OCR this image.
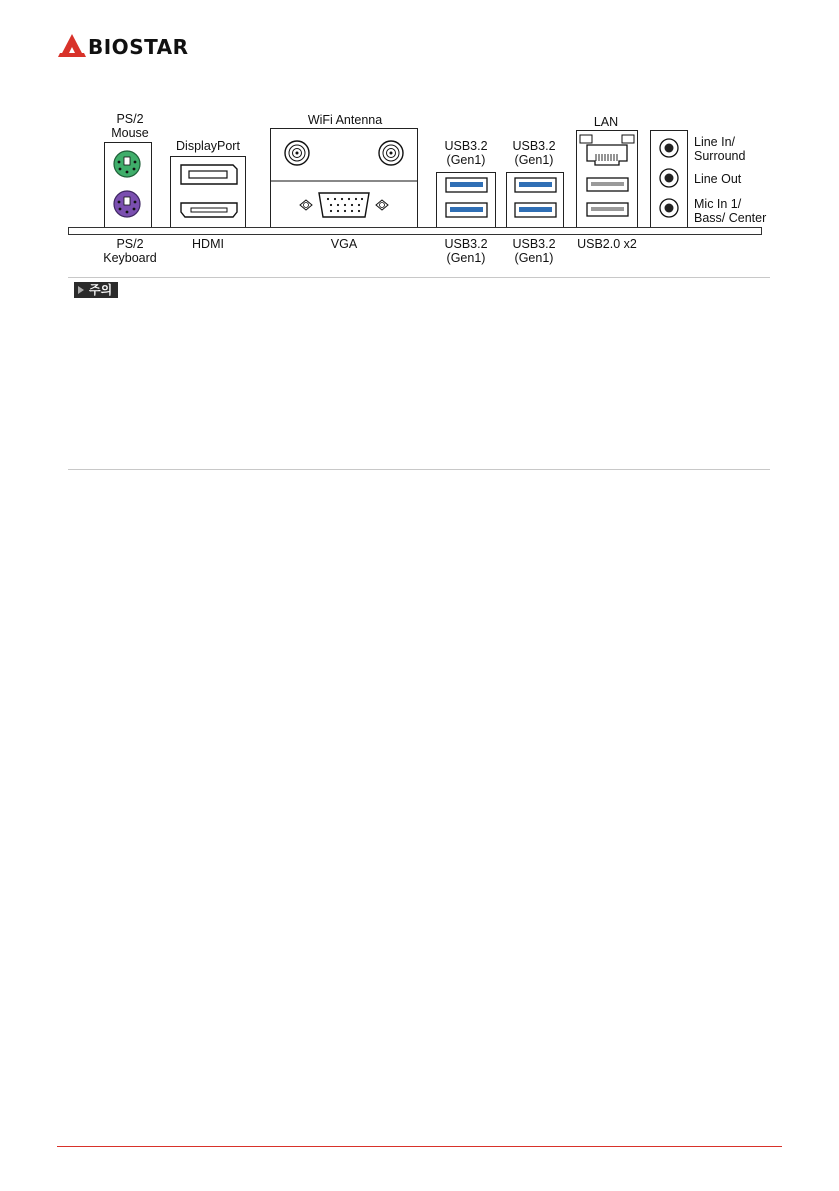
BIOSTAR
PS/2
Mouse
DisplayPort
WiFi Antenna
USB3.2
(Gen1)
USB3.2
(Gen1)
LAN
Line In/
Surround
Line Out
Mic In 1/
Bass/ Center
PS/2
Keyboard
HDMI	VGA	USB3.2
(Gen1)
USB3.2
(Gen1)
USB2.0 x2
주의
